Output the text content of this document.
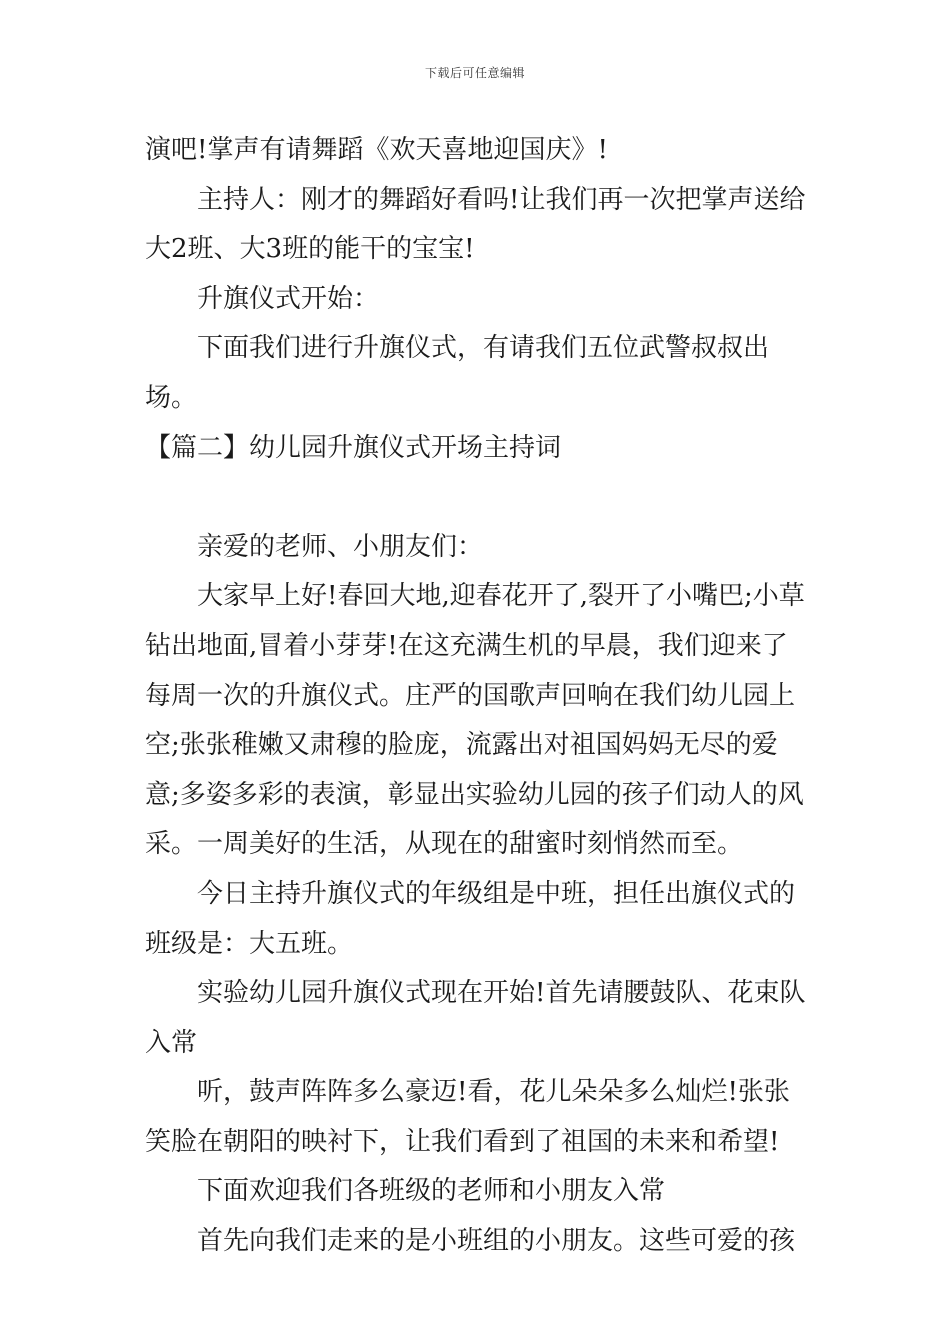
下载后可任意编辑

演吧!掌声有请舞蹈《欢天喜地迎国庆》!

主持人：刚才的舞蹈好看吗!让我们再一次把掌声送给大2班、大3班的能干的宝宝!

升旗仪式开始：

下面我们进行升旗仪式，有请我们五位武警叔叔出场。

【篇二】幼儿园升旗仪式开场主持词

亲爱的老师、小朋友们：

大家早上好!春回大地,迎春花开了,裂开了小嘴巴;小草钻出地面,冒着小芽芽!在这充满生机的早晨，我们迎来了每周一次的升旗仪式。庄严的国歌声回响在我们幼儿园上空;张张稚嫩又肃穆的脸庞，流露出对祖国妈妈无尽的爱意;多姿多彩的表演，彰显出实验幼儿园的孩子们动人的风采。一周美好的生活，从现在的甜蜜时刻悄然而至。

今日主持升旗仪式的年级组是中班，担任出旗仪式的班级是：大五班。

实验幼儿园升旗仪式现在开始!首先请腰鼓队、花束队入常

听，鼓声阵阵多么豪迈!看，花儿朵朵多么灿烂!张张笑脸在朝阳的映衬下，让我们看到了祖国的未来和希望!

下面欢迎我们各班级的老师和小朋友入常

首先向我们走来的是小班组的小朋友。这些可爱的孩
